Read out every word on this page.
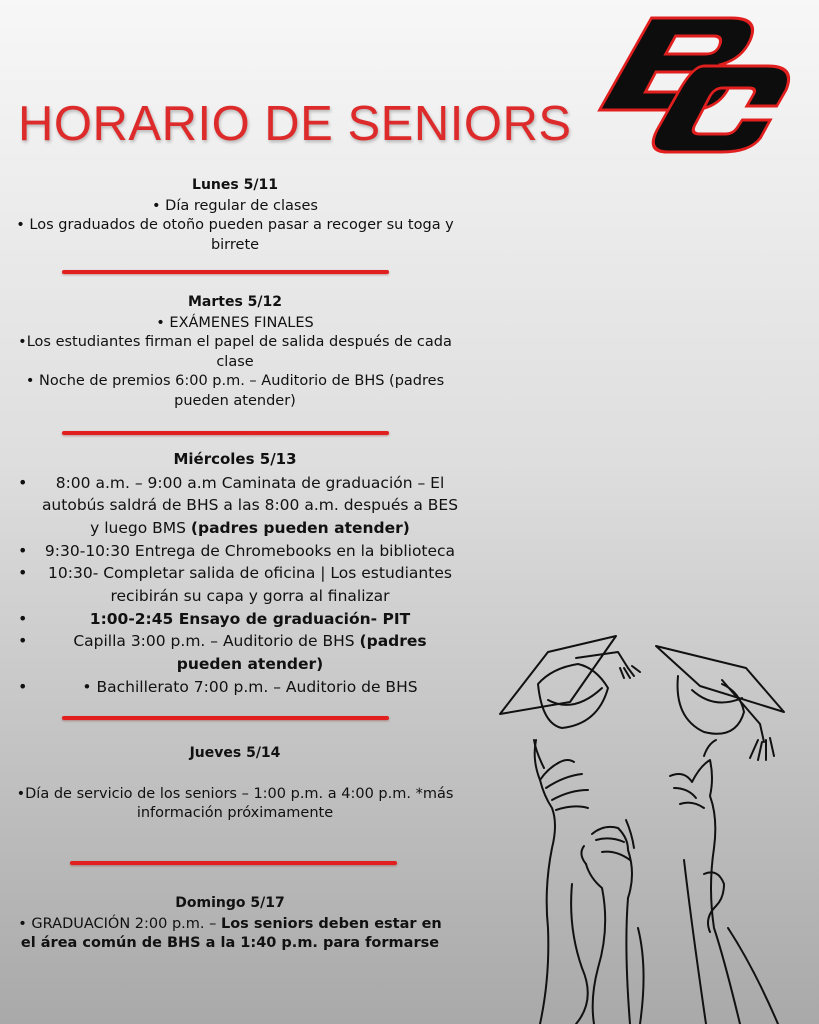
HORARIO DE SENIORS
Lunes 5/11
• Día regular de clases
• Los graduados de otoño pueden pasar a recoger su toga y
birrete
Martes 5/12
• EXÁMENES FINALES
•Los estudiantes firman el papel de salida después de cada
clase
• Noche de premios 6:00 p.m. – Auditorio de BHS (padres
pueden atender)
Miércoles 5/13
• 8:00 a.m. – 9:00 a.m Caminata de graduación – El autobús saldrá de BHS a las 8:00 a.m. después a BES y luego BMS (padres pueden atender)
• 9:30-10:30 Entrega de Chromebooks en la biblioteca
• 10:30- Completar salida de oficina | Los estudiantes recibirán su capa y gorra al finalizar
• 1:00-2:45 Ensayo de graduación- PIT
• Capilla 3:00 p.m. – Auditorio de BHS (padres pueden atender)
• • Bachillerato 7:00 p.m. – Auditorio de BHS
Jueves 5/14
•Día de servicio de los seniors – 1:00 p.m. a 4:00 p.m. *más
información próximamente
Domingo 5/17
• GRADUACIÓN 2:00 p.m. – Los seniors deben estar en el área común de BHS a la 1:40 p.m. para formarse
